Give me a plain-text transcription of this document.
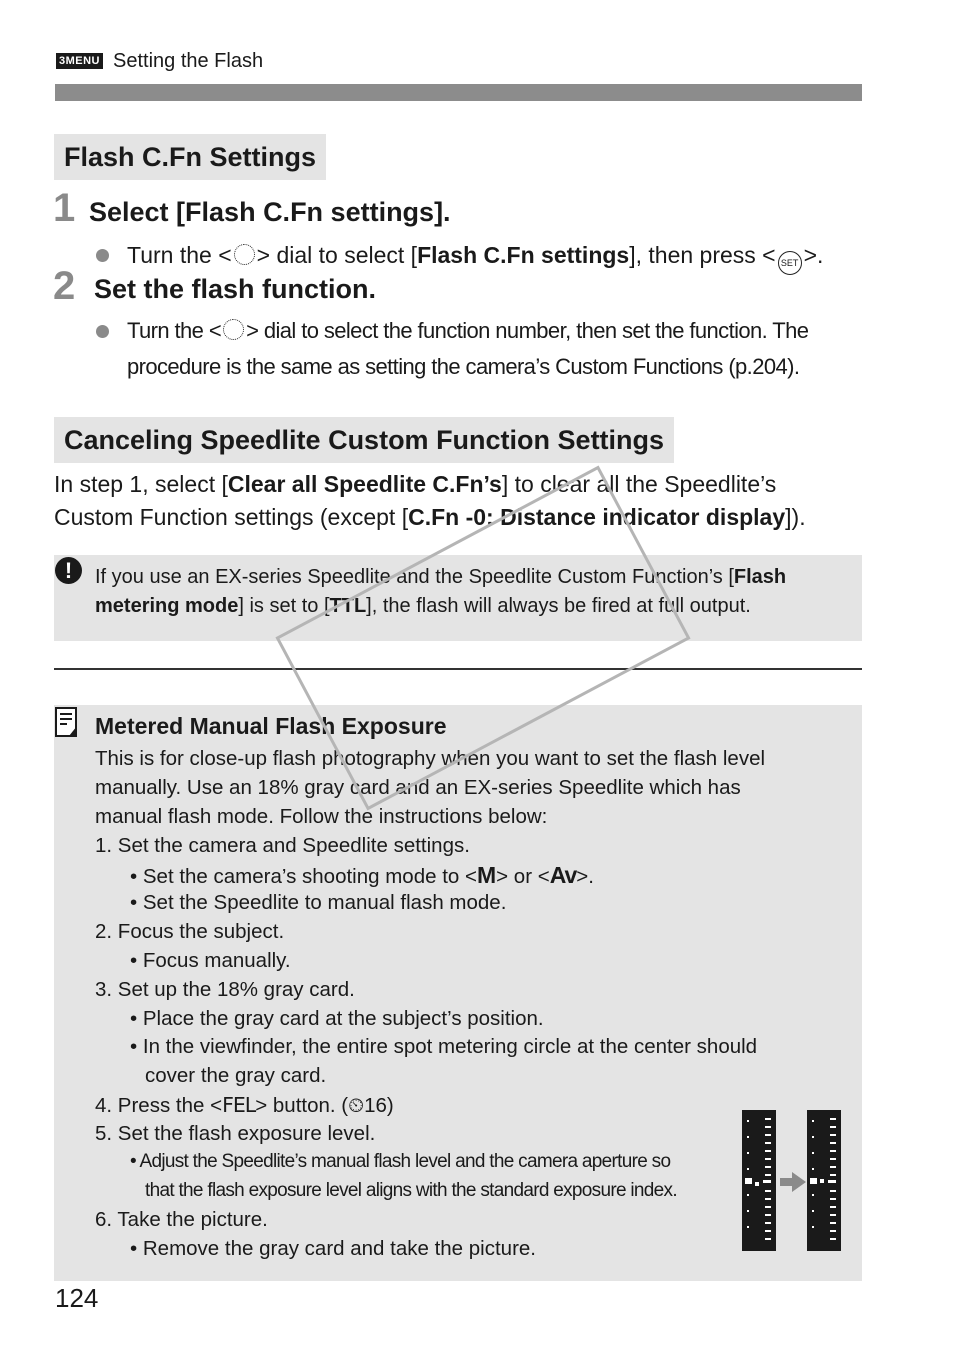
3MENU Setting the Flash
Flash C.Fn Settings
1 Select [Flash C.Fn settings].
Turn the < > dial to select [Flash C.Fn settings], then press < SET >.
2 Set the flash function.
Turn the < > dial to select the function number, then set the function. The
procedure is the same as setting the camera’s Custom Functions (p.204).
Canceling Speedlite Custom Function Settings
In step 1, select [Clear all Speedlite C.Fn’s] to clear all the Speedlite’s
Custom Function settings (except [C.Fn -0: Distance indicator display]).
!	If you use an EX-series Speedlite and the Speedlite Custom Function’s [Flash
metering mode] is set to [TTL], the flash will always be fired at full output.
Metered Manual Flash Exposure
This is for close-up flash photography when you want to set the flash level
manually. Use an 18% gray card and an EX-series Speedlite which has
manual flash mode. Follow the instructions below:
1. Set the camera and Speedlite settings.
• Set the camera’s shooting mode to <M> or <Av>.
• Set the Speedlite to manual flash mode.
2. Focus the subject.
• Focus manually.
3. Set up the 18% gray card.
• Place the gray card at the subject’s position.
• In the viewfinder, the entire spot metering circle at the center should
cover the gray card.
4. Press the <FEL> button. (⏲16)
5. Set the flash exposure level.
• Adjust the Speedlite’s manual flash level and the camera aperture so
that the flash exposure level aligns with the standard exposure index.
6. Take the picture.
• Remove the gray card and take the picture.
124
